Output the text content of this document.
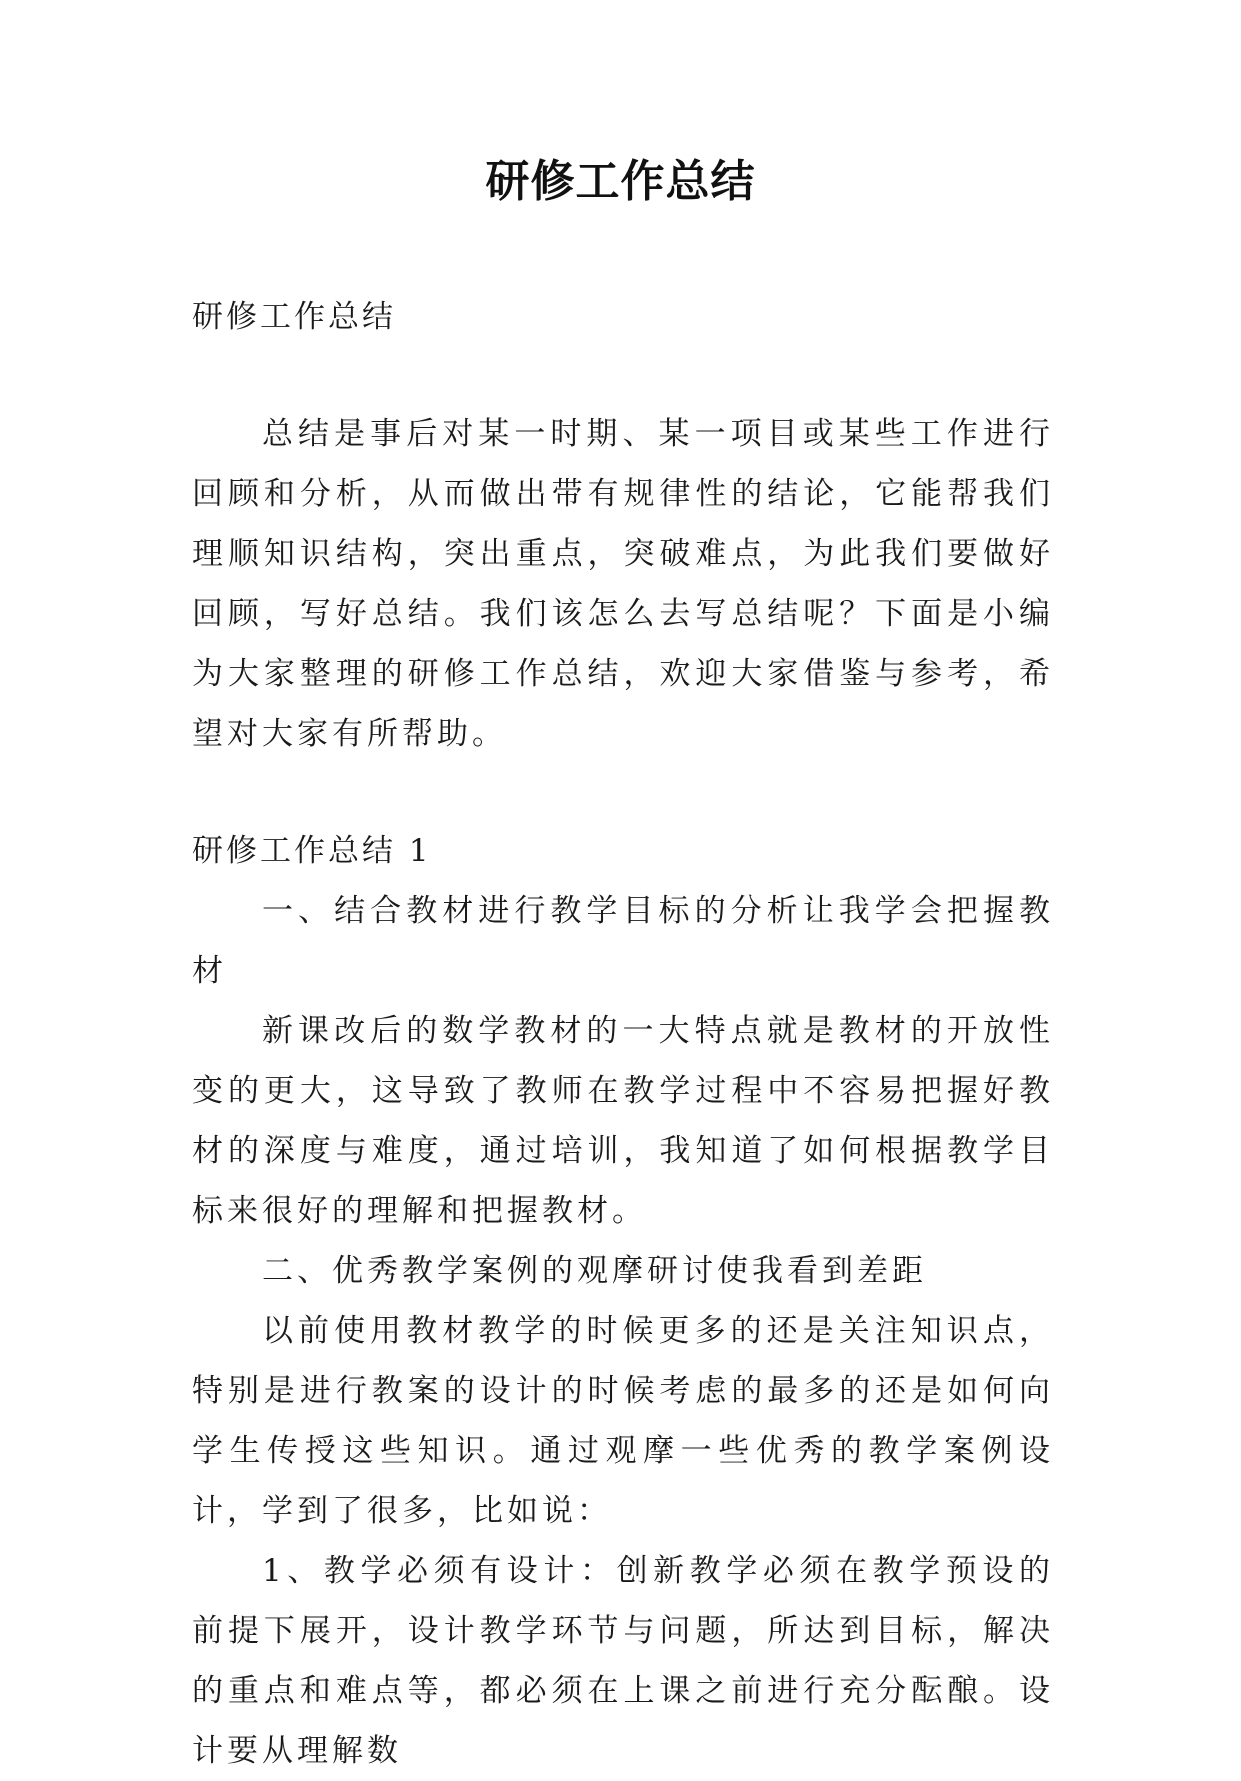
研修工作总结

研修工作总结

总结是事后对某一时期、某一项目或某些工作进行回顾和分析，从而做出带有规律性的结论，它能帮我们理顺知识结构，突出重点，突破难点，为此我们要做好回顾，写好总结。我们该怎么去写总结呢？下面是小编为大家整理的研修工作总结，欢迎大家借鉴与参考，希望对大家有所帮助。

研修工作总结 1

一、结合教材进行教学目标的分析让我学会把握教材

新课改后的数学教材的一大特点就是教材的开放性变的更大，这导致了教师在教学过程中不容易把握好教材的深度与难度，通过培训，我知道了如何根据教学目标来很好的理解和把握教材。

二、优秀教学案例的观摩研讨使我看到差距

以前使用教材教学的时候更多的还是关注知识点，特别是进行教案的设计的时候考虑的最多的还是如何向学生传授这些知识。通过观摩一些优秀的教学案例设计，学到了很多，比如说：

1、教学必须有设计：创新教学必须在教学预设的前提下展开，设计教学环节与问题，所达到目标，解决的重点和难点等，都必须在上课之前进行充分酝酿。设计要从理解数
